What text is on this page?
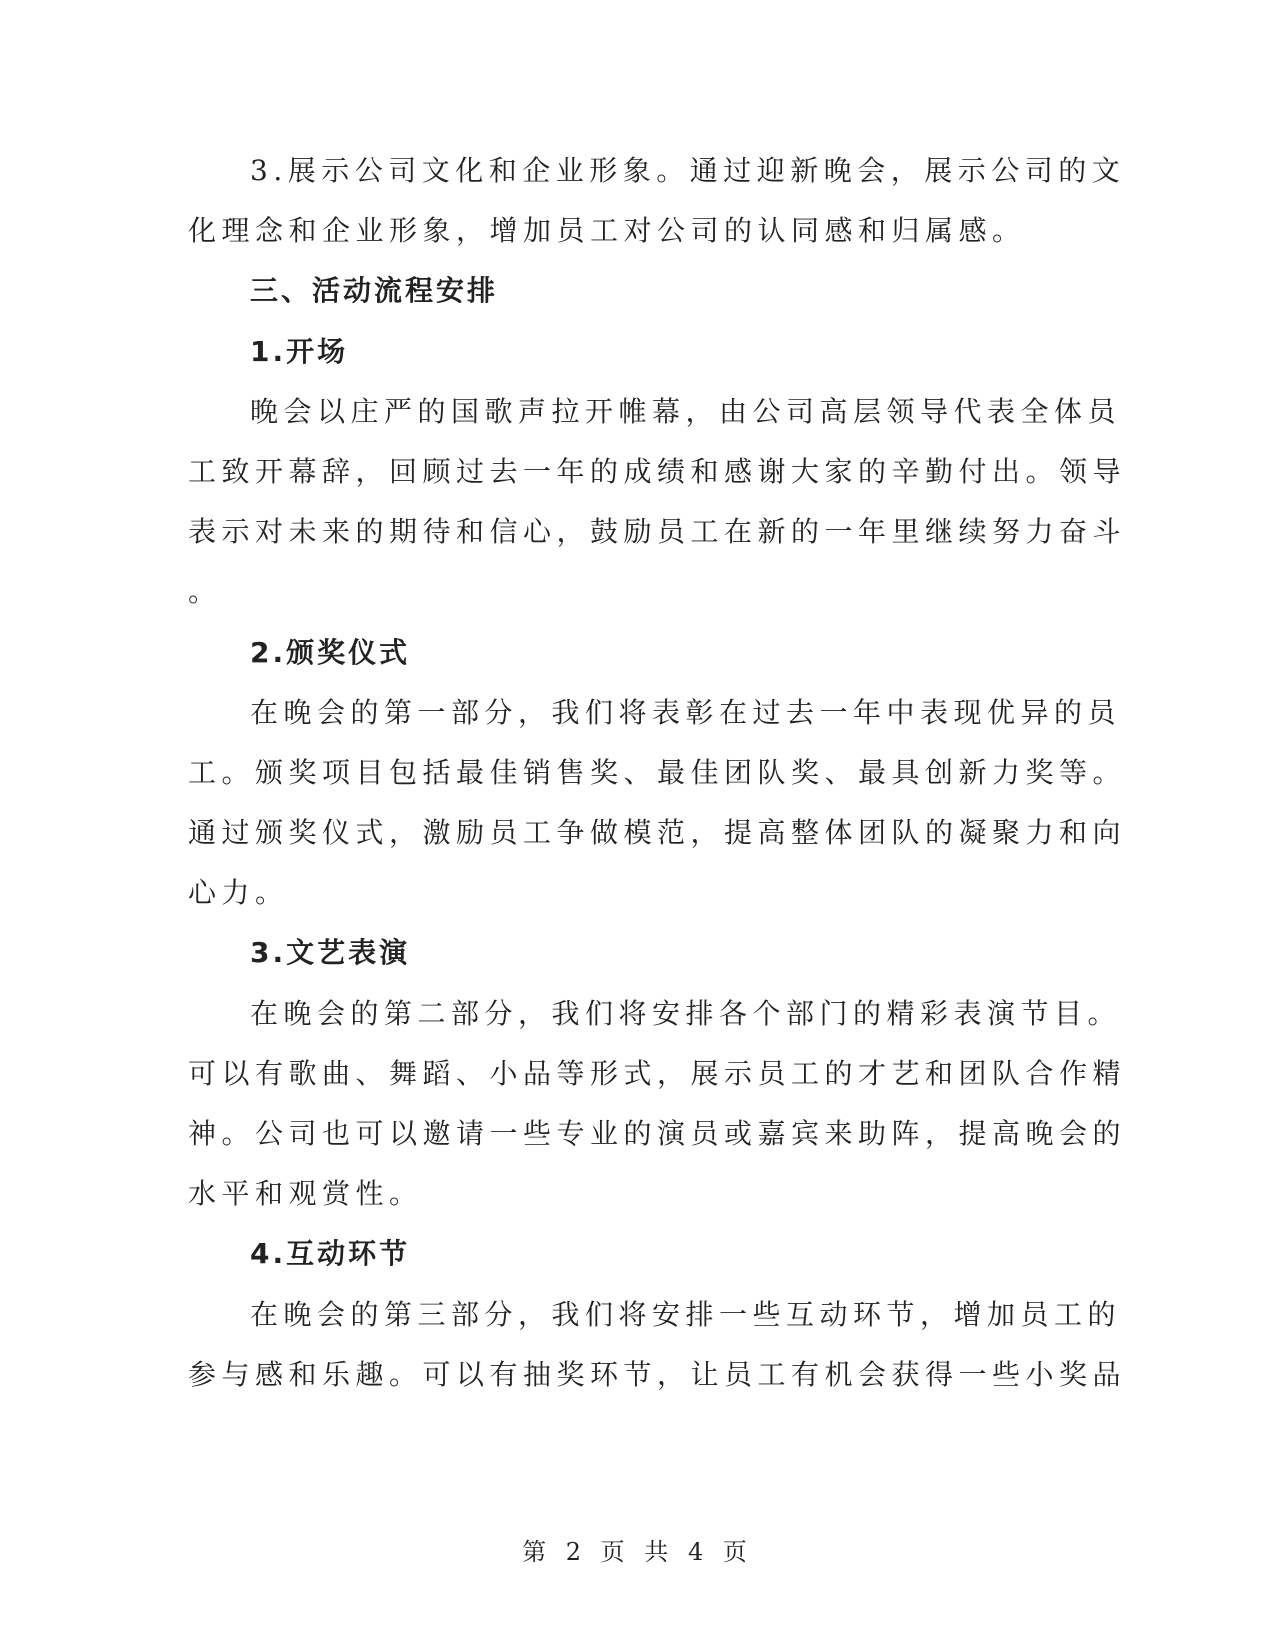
3.展示公司文化和企业形象。通过迎新晚会，展示公司的文
化理念和企业形象，增加员工对公司的认同感和归属感。
三、活动流程安排
1.开场
晚会以庄严的国歌声拉开帷幕，由公司高层领导代表全体员
工致开幕辞，回顾过去一年的成绩和感谢大家的辛勤付出。领导
表示对未来的期待和信心，鼓励员工在新的一年里继续努力奋斗
。
2.颁奖仪式
在晚会的第一部分，我们将表彰在过去一年中表现优异的员
工。颁奖项目包括最佳销售奖、最佳团队奖、最具创新力奖等。
通过颁奖仪式，激励员工争做模范，提高整体团队的凝聚力和向
心力。
3.文艺表演
在晚会的第二部分，我们将安排各个部门的精彩表演节目。
可以有歌曲、舞蹈、小品等形式，展示员工的才艺和团队合作精
神。公司也可以邀请一些专业的演员或嘉宾来助阵，提高晚会的
水平和观赏性。
4.互动环节
在晚会的第三部分，我们将安排一些互动环节，增加员工的
参与感和乐趣。可以有抽奖环节，让员工有机会获得一些小奖品
第 2 页 共 4 页
